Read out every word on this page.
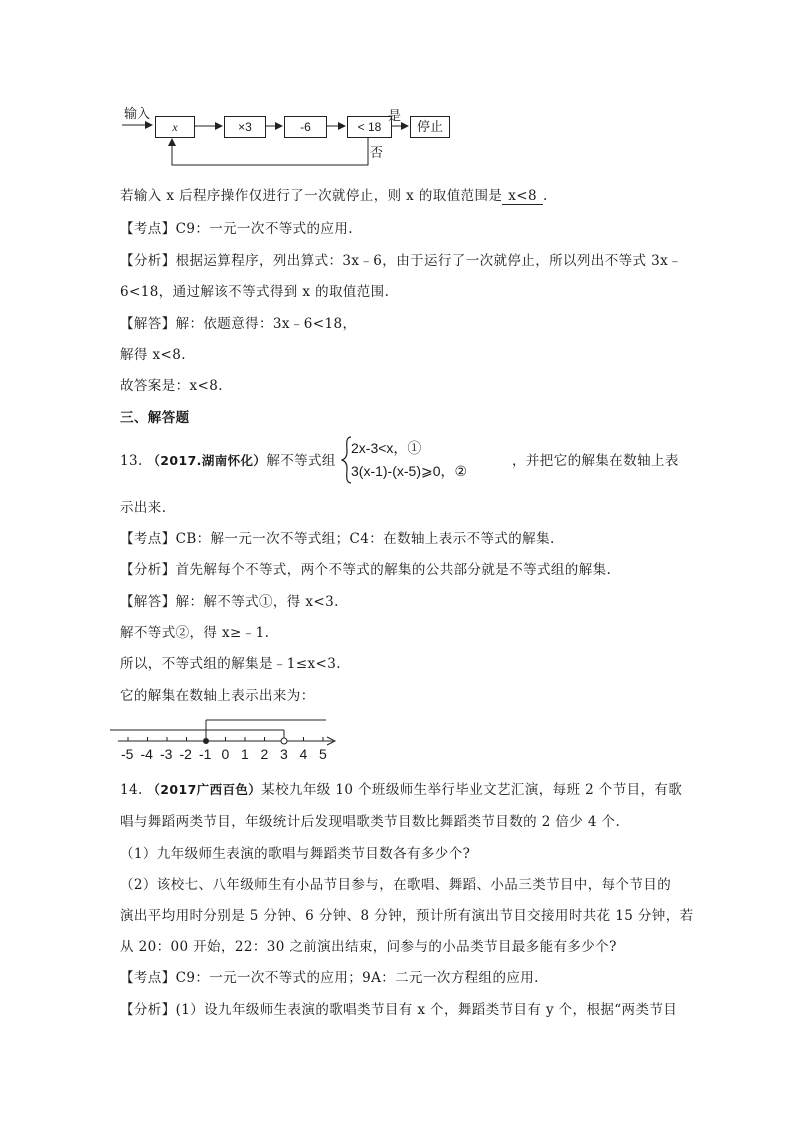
输入
x	×3	-6	< 18	停止
是
否
若输入 x 后程序操作仅进行了一次就停止，则 x 的取值范围是 x<8 .
【考点】C9：一元一次不等式的应用.
【分析】根据运算程序，列出算式：3x﹣6，由于运行了一次就停止，所以列出不等式 3x﹣
6<18，通过解该不等式得到 x 的取值范围.
【解答】解：依题意得：3x﹣6<18，
解得 x<8.
故答案是：x<8.
三、解答题
13. （2017.湖南怀化）解不等式组
2x-3<x，①
3(x-1)-(x-5)⩾0，②
，并把它的解集在数轴上表
示出来.
【考点】CB：解一元一次不等式组；C4：在数轴上表示不等式的解集.
【分析】首先解每个不等式，两个不等式的解集的公共部分就是不等式组的解集.
【解答】解：解不等式①，得 x<3.
解不等式②，得 x≥﹣1.
所以，不等式组的解集是﹣1≤x<3.
它的解集在数轴上表示出来为：
-5 -4 -3 -2 -1 0 1 2 3 4 5
14. （2017广西百色）某校九年级 10 个班级师生举行毕业文艺汇演，每班 2 个节目，有歌
唱与舞蹈两类节目，年级统计后发现唱歌类节目数比舞蹈类节目数的 2 倍少 4 个.
（1）九年级师生表演的歌唱与舞蹈类节目数各有多少个?
（2）该校七、八年级师生有小品节目参与，在歌唱、舞蹈、小品三类节目中，每个节目的
演出平均用时分别是 5 分钟、6 分钟、8 分钟，预计所有演出节目交接用时共花 15 分钟，若
从 20：00 开始，22：30 之前演出结束，问参与的小品类节目最多能有多少个?
【考点】C9：一元一次不等式的应用；9A：二元一次方程组的应用.
【分析】(1）设九年级师生表演的歌唱类节目有 x 个，舞蹈类节目有 y 个，根据“两类节目
